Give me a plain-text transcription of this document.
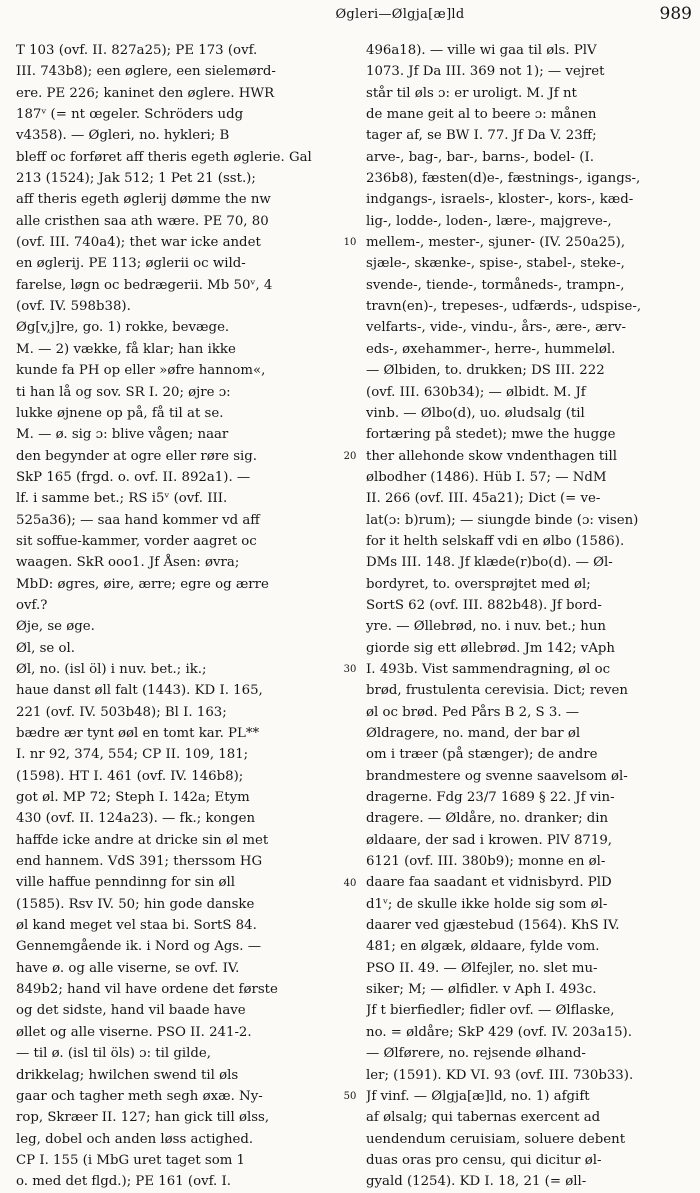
Øgleri—Ølgja[æ]ld	989
T 103 (ovf. II. 827a25); PE 173 (ovf.
III. 743b8); een øglere, een sielemørd-
ere. PE 226; kaninet den øglere. HWR
187ᵛ (= nt œgeler. Schröders udg
v4358). — Øgleri, no. hykleri; B
bleff oc forføret aff theris egeth øglerie. Gal
213 (1524); Jak 512; 1 Pet 21 (sst.);
aff theris egeth øglerij dømme the nw
alle cristhen saa ath wære. PE 70, 80
(ovf. III. 740a4); thet war icke andet
en øglerij. PE 113; øglerii oc wild-
farelse, løgn oc bedrægerii. Mb 50ᵛ, 4
(ovf. IV. 598b38).
Øg[v,j]re, go. 1) rokke, bevæge.
M. — 2) vække, få klar; han ikke
kunde fa PH op eller »øfre hannom«,
ti han lå og sov. SR I. 20; øjre ɔ:
lukke øjnene op på, få til at se.
M. — ø. sig ɔ: blive vågen; naar
den begynder at ogre eller røre sig.
SkP 165 (frgd. o. ovf. II. 892a1). —
lf. i samme bet.; RS i5ᵛ (ovf. III.
525a36); — saa hand kommer vd aff
sit soffue-kammer, vorder aagret oc
waagen. SkR ooo1. Jf Åsen: øvra;
MbD: øgres, øire, ærre; egre og ærre
ovf.?
Øje, se øge.
Øl, se ol.
Øl, no. (isl öl) i nuv. bet.; ik.;
haue danst øll falt (1443). KD I. 165,
221 (ovf. IV. 503b48); Bl I. 163;
bædre ær tynt øøl en tomt kar. PL**
I. nr 92, 374, 554; CP II. 109, 181;
(1598). HT I. 461 (ovf. IV. 146b8);
got øl. MP 72; Steph I. 142a; Etym
430 (ovf. II. 124a23). — fk.; kongen
haffde icke andre at dricke sin øl met
end hannem. VdS 391; therssom HG
ville haffue penndinng for sin øll
(1585). Rsv IV. 50; hin gode danske
øl kand meget vel staa bi. SortS 84.
Gennemgående ik. i Nord og Ags. —
have ø. og alle viserne, se ovf. IV.
849b2; hand vil have ordene det første
og det sidste, hand vil baade have
øllet og alle viserne. PSO II. 241-2.
— til ø. (isl til öls) ɔ: til gilde,
drikkelag; hwilchen swend til øls
gaar och tagher meth segh øxæ. Ny-
rop, Skræer II. 127; han gick till ølss,
leg, dobel och anden løss actighed.
CP I. 155 (i MbG uret taget som 1
o. med det flgd.); PE 161 (ovf. I.
10
20
30
40
50
496a18). — ville wi gaa til øls. PlV
1073. Jf Da III. 369 not 1); — vejret
står til øls ɔ: er uroligt. M. Jf nt
de mane geit al to beere ɔ: månen
tager af, se BW I. 77. Jf Da V. 23ff;
arve-, bag-, bar-, barns-, bodel- (I.
236b8), fæsten(d)e-, fæstnings-, igangs-,
indgangs-, israels-, kloster-, kors-, kæd-
lig-, lodde-, loden-, lære-, majgreve-,
mellem-, mester-, sjuner- (IV. 250a25),
sjæle-, skænke-, spise-, stabel-, steke-,
svende-, tiende-, tormåneds-, trampn-,
travn(en)-, trepeses-, udfærds-, udspise-,
velfarts-, vide-, vindu-, års-, ære-, ærv-
eds-, øxehammer-, herre-, hummeløl.
— Ølbiden, to. drukken; DS III. 222
(ovf. III. 630b34); — ølbidt. M. Jf
vinb. — Ølbo(d), uo. øludsalg (til
fortæring på stedet); mwe the hugge
ther allehonde skow vndenthagen till
ølbodher (1486). Hüb I. 57; — NdM
II. 266 (ovf. III. 45a21); Dict (= ve-
lat(ɔ: b)rum); — siungde binde (ɔ: visen)
for it helth selskaff vdi en ølbo (1586).
DMs III. 148. Jf klæde(r)bo(d). — Øl-
bordyret, to. oversprøjtet med øl;
SortS 62 (ovf. III. 882b48). Jf bord-
yre. — Øllebrød, no. i nuv. bet.; hun
giorde sig ett øllebrød. Jm 142; vAph
I. 493b. Vist sammendragning, øl oc
brød, frustulenta cerevisia. Dict; reven
øl oc brød. Ped Pårs B 2, S 3. —
Øldragere, no. mand, der bar øl
om i træer (på stænger); de andre
brandmestere og svenne saavelsom øl-
dragerne. Fdg 23/7 1689 § 22. Jf vin-
dragere. — Øldåre, no. dranker; din
øldaare, der sad i krowen. PlV 8719,
6121 (ovf. III. 380b9); monne en øl-
daare faa saadant et vidnisbyrd. PlD
d1ᵛ; de skulle ikke holde sig som øl-
daarer ved gjæstebud (1564). KhS IV.
481; en ølgæk, øldaare, fylde vom.
PSO II. 49. — Ølfejler, no. slet mu-
siker; M; — ølfidler. v Aph I. 493c.
Jf t bierfiedler; fidler ovf. — Ølflaske,
no. = øldåre; SkP 429 (ovf. IV. 203a15).
— Ølførere, no. rejsende ølhand-
ler; (1591). KD VI. 93 (ovf. III. 730b33).
Jf vinf. — Ølgja[æ]ld, no. 1) afgift
af ølsalg; qui tabernas exercent ad
uendendum ceruisiam, soluere debent
duas oras pro censu, qui dicitur øl-
gyald (1254). KD I. 18, 21 (= øll-
